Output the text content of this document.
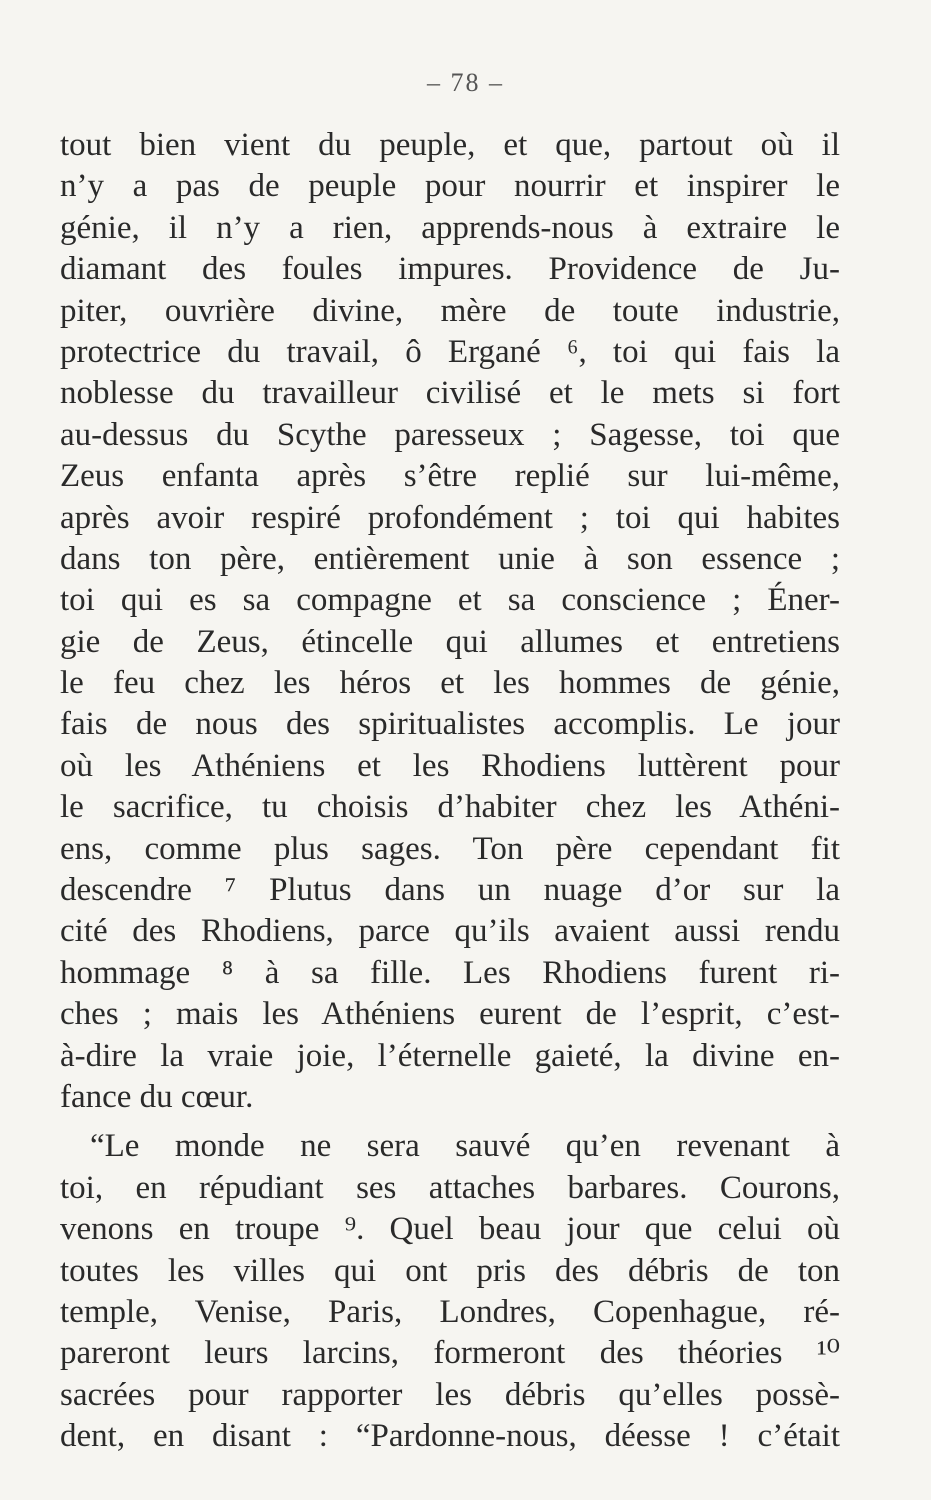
– 78 –
tout bien vient du peuple, et que, partout où il
n’y a pas de peuple pour nourrir et inspirer le
génie, il n’y a rien, apprends-nous à extraire le
diamant des foules impures. Providence de Ju-
piter, ouvrière divine, mère de toute industrie,
protectrice du travail, ô Ergané ⁶, toi qui fais la
noblesse du travailleur civilisé et le mets si fort
au-dessus du Scythe paresseux ; Sagesse, toi que
Zeus enfanta après s’être replié sur lui-même,
après avoir respiré profondément ; toi qui habites
dans ton père, entièrement unie à son essence ;
toi qui es sa compagne et sa conscience ; Éner-
gie de Zeus, étincelle qui allumes et entretiens
le feu chez les héros et les hommes de génie,
fais de nous des spiritualistes accomplis. Le jour
où les Athéniens et les Rhodiens luttèrent pour
le sacrifice, tu choisis d’habiter chez les Athéni-
ens, comme plus sages. Ton père cependant fit
descendre ⁷ Plutus dans un nuage d’or sur la
cité des Rhodiens, parce qu’ils avaient aussi rendu
hommage ⁸ à sa fille. Les Rhodiens furent ri-
ches ; mais les Athéniens eurent de l’esprit, c’est-
à-dire la vraie joie, l’éternelle gaieté, la divine en-
fance du cœur.
“Le monde ne sera sauvé qu’en revenant à
toi, en répudiant ses attaches barbares. Courons,
venons en troupe ⁹. Quel beau jour que celui où
toutes les villes qui ont pris des débris de ton
temple, Venise, Paris, Londres, Copenhague, ré-
pareront leurs larcins, formeront des théories ¹⁰
sacrées pour rapporter les débris qu’elles possè-
dent, en disant : “Pardonne-nous, déesse ! c’était
